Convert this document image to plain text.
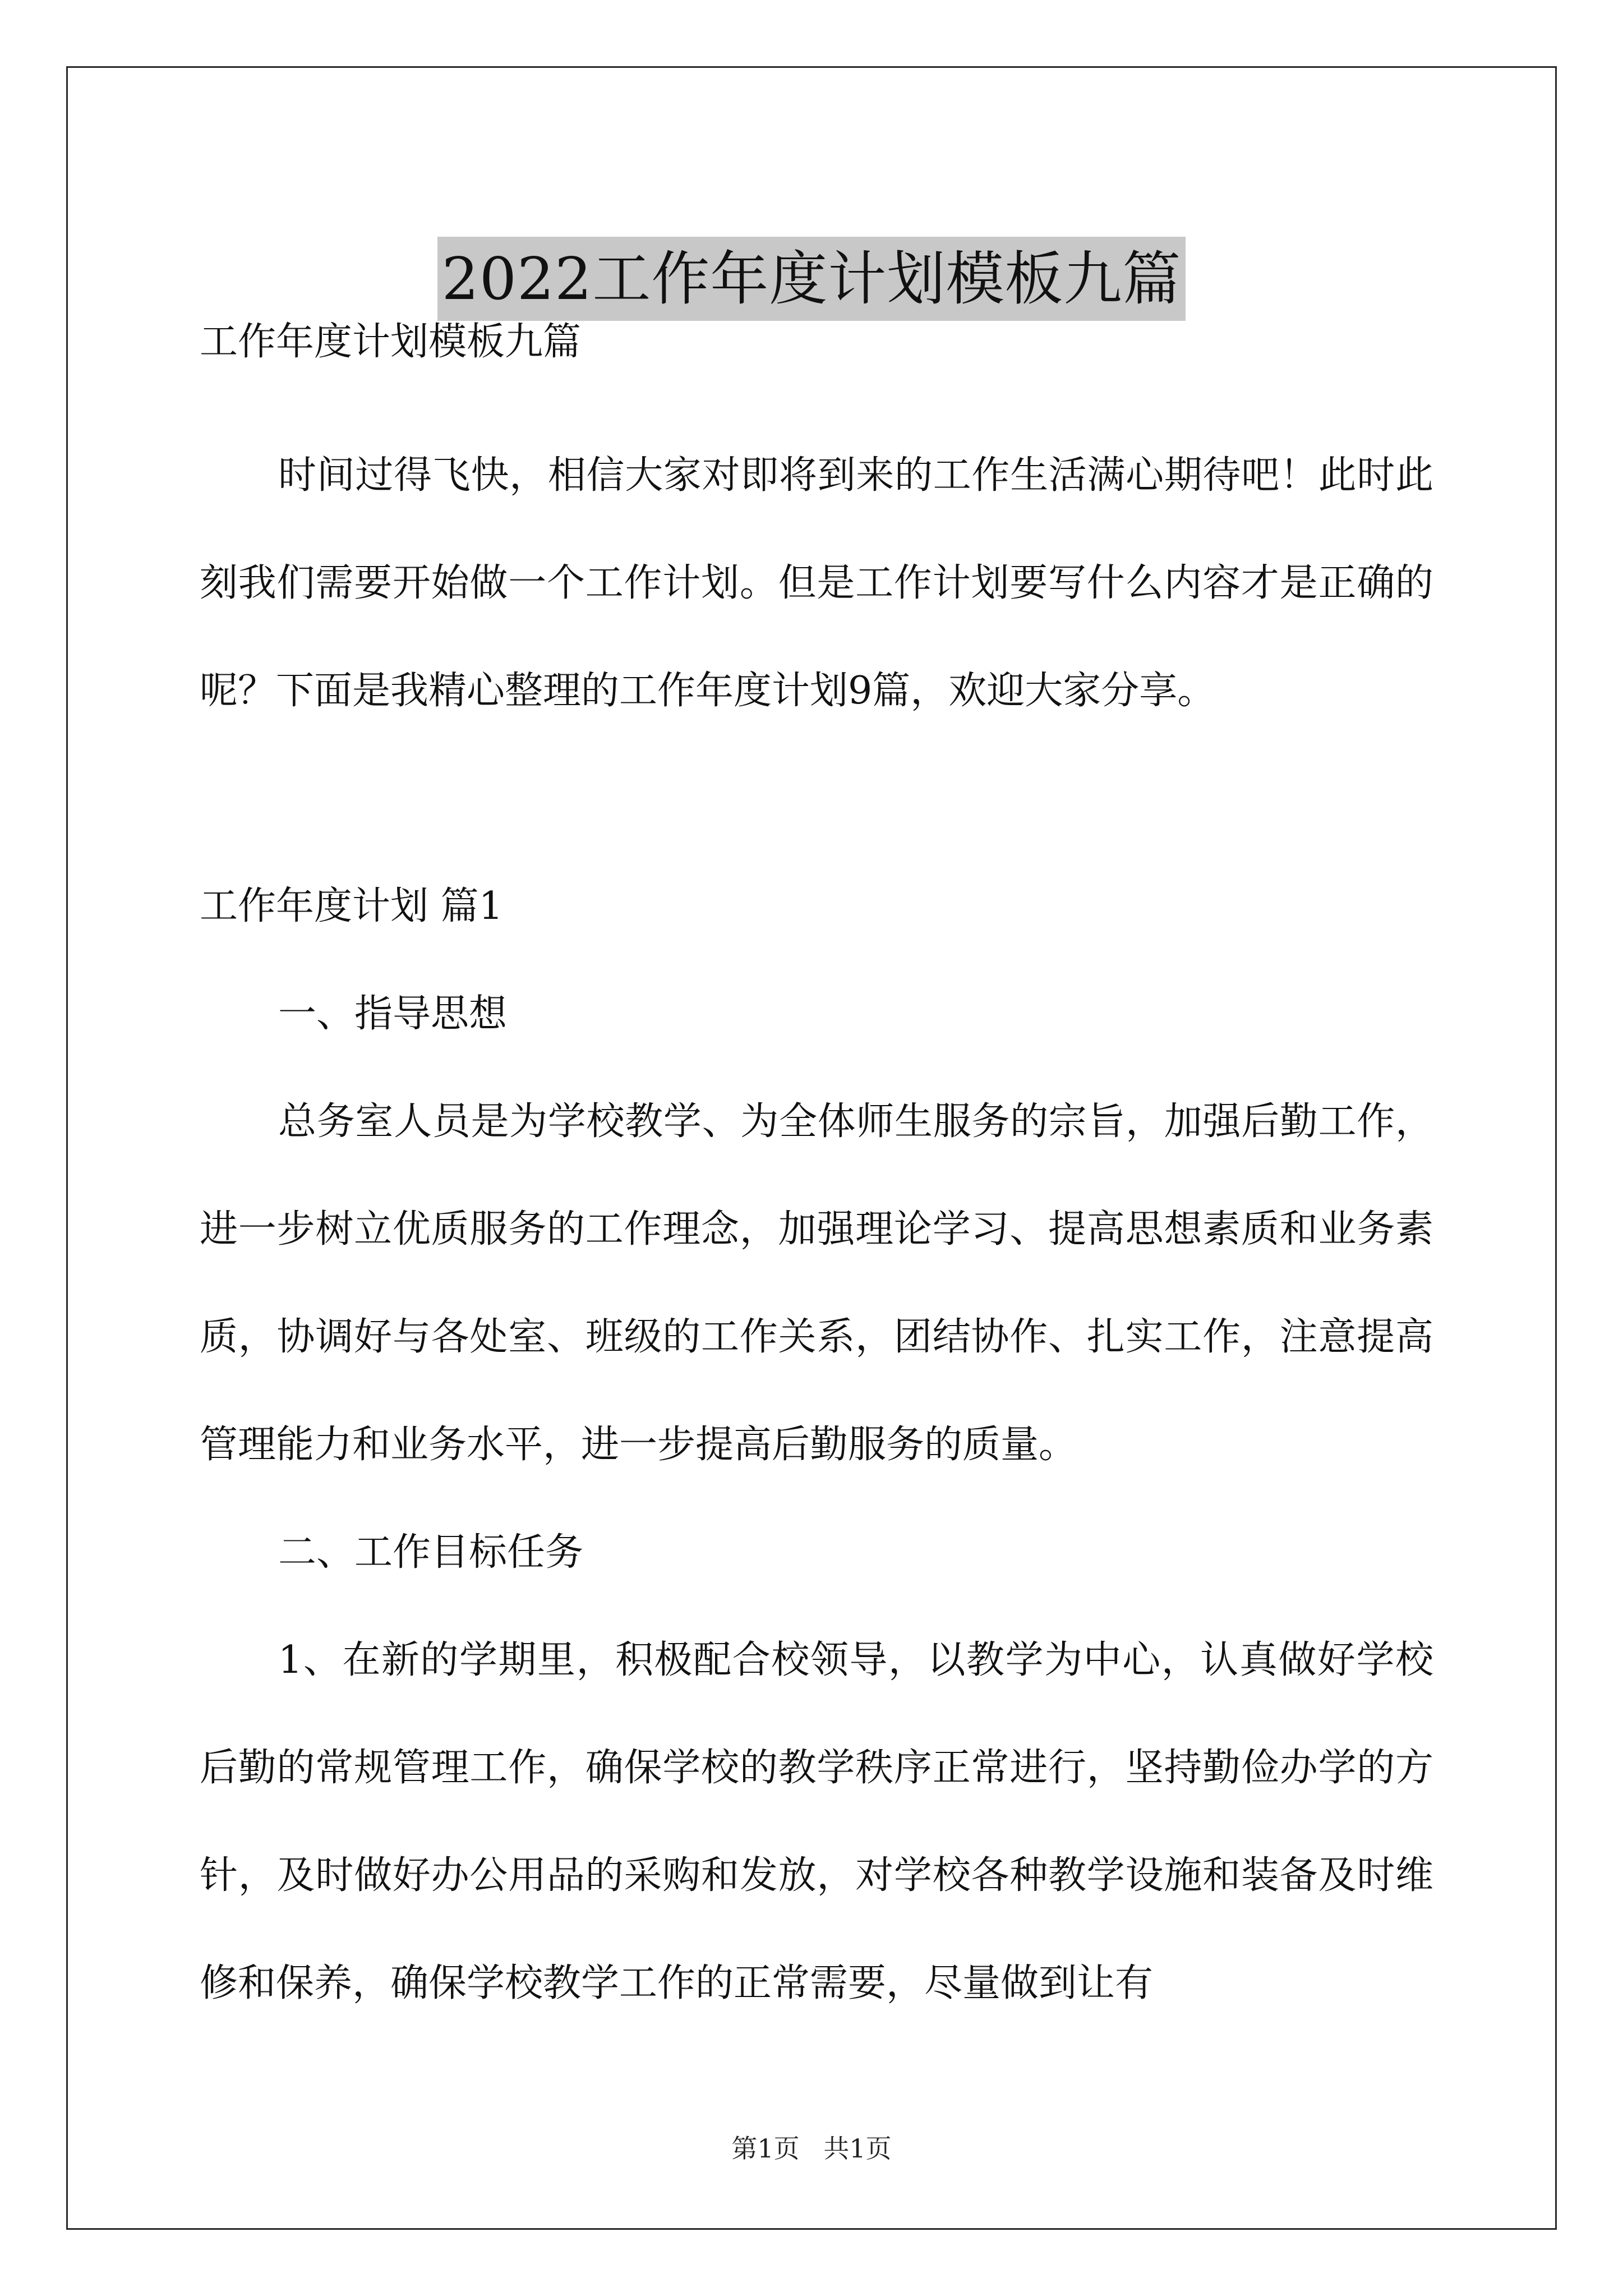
2022工作年度计划模板九篇

工作年度计划模板九篇

时间过得飞快，相信大家对即将到来的工作生活满心期待吧！此时此刻我们需要开始做一个工作计划。但是工作计划要写什么内容才是正确的呢？下面是我精心整理的工作年度计划9篇，欢迎大家分享。

工作年度计划 篇1

一、指导思想

总务室人员是为学校教学、为全体师生服务的宗旨，加强后勤工作，进一步树立优质服务的工作理念，加强理论学习、提高思想素质和业务素质，协调好与各处室、班级的工作关系，团结协作、扎实工作，注意提高管理能力和业务水平，进一步提高后勤服务的质量。

二、工作目标任务

1、在新的学期里，积极配合校领导，以教学为中心，认真做好学校后勤的常规管理工作，确保学校的教学秩序正常进行，坚持勤俭办学的方针，及时做好办公用品的采购和发放，对学校各种教学设施和装备及时维修和保养，确保学校教学工作的正常需要，尽量做到让有

第1页 共1页
